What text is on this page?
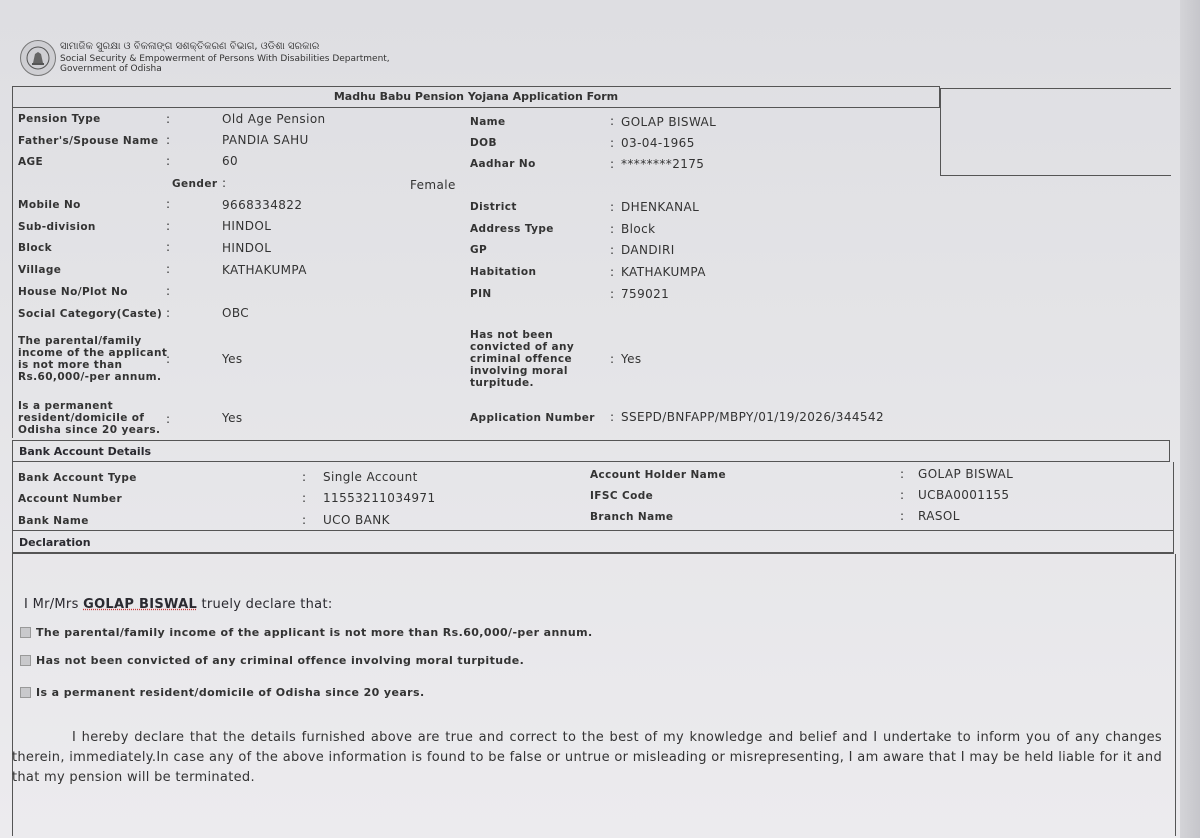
ସାମାଜିକ ସୁରକ୍ଷା ଓ ବିକଳାଙ୍ଗ ସଶକ୍ତିକରଣ ବିଭାଗ, ଓଡିଶା ସରକାର
Social Security & Empowerment of Persons With Disabilities Department,
Government of Odisha
Madhu Babu Pension Yojana Application Form
Pension Type	:	Old Age Pension
Father's/Spouse Name :	PANDIA SAHU
AGE	:	60
Gender :	Female
Mobile No	:	9668334822
Sub-division	:	HINDOL
Block	:	HINDOL
Village	:	KATHAKUMPA
House No/Plot No	:
Social Category(Caste) :	OBC
The parental/family income of the applicant is not more than Rs.60,000/-per annum.
:	Yes
Is a permanent resident/domicile of Odisha since 20 years.
:	Yes
Name	: GOLAP BISWAL
DOB	: 03-04-1965
Aadhar No	: ********2175
District	: DHENKANAL
Address Type	: Block
GP	: DANDIRI
Habitation	: KATHAKUMPA
PIN	: 759021
Has not been convicted of any criminal offence involving moral turpitude.
: Yes
Application Number : SSEPD/BNFAPP/MBPY/01/19/2026/344542
Bank Account Details
Bank Account Type	: Single Account
Account Number	: 11553211034971
Bank Name	: UCO BANK
Account Holder Name	: GOLAP BISWAL
IFSC Code	: UCBA0001155
Branch Name	: RASOL
Declaration
I Mr/Mrs GOLAP BISWAL truely declare that:
The parental/family income of the applicant is not more than Rs.60,000/-per annum.
Has not been convicted of any criminal offence involving moral turpitude.
Is a permanent resident/domicile of Odisha since 20 years.
I hereby declare that the details furnished above are true and correct to the best of my knowledge and belief and I undertake to inform you of any changes therein, immediately.In case any of the above information is found to be false or untrue or misleading or misrepresenting, I am aware that I may be held liable for it and that my pension will be terminated.
